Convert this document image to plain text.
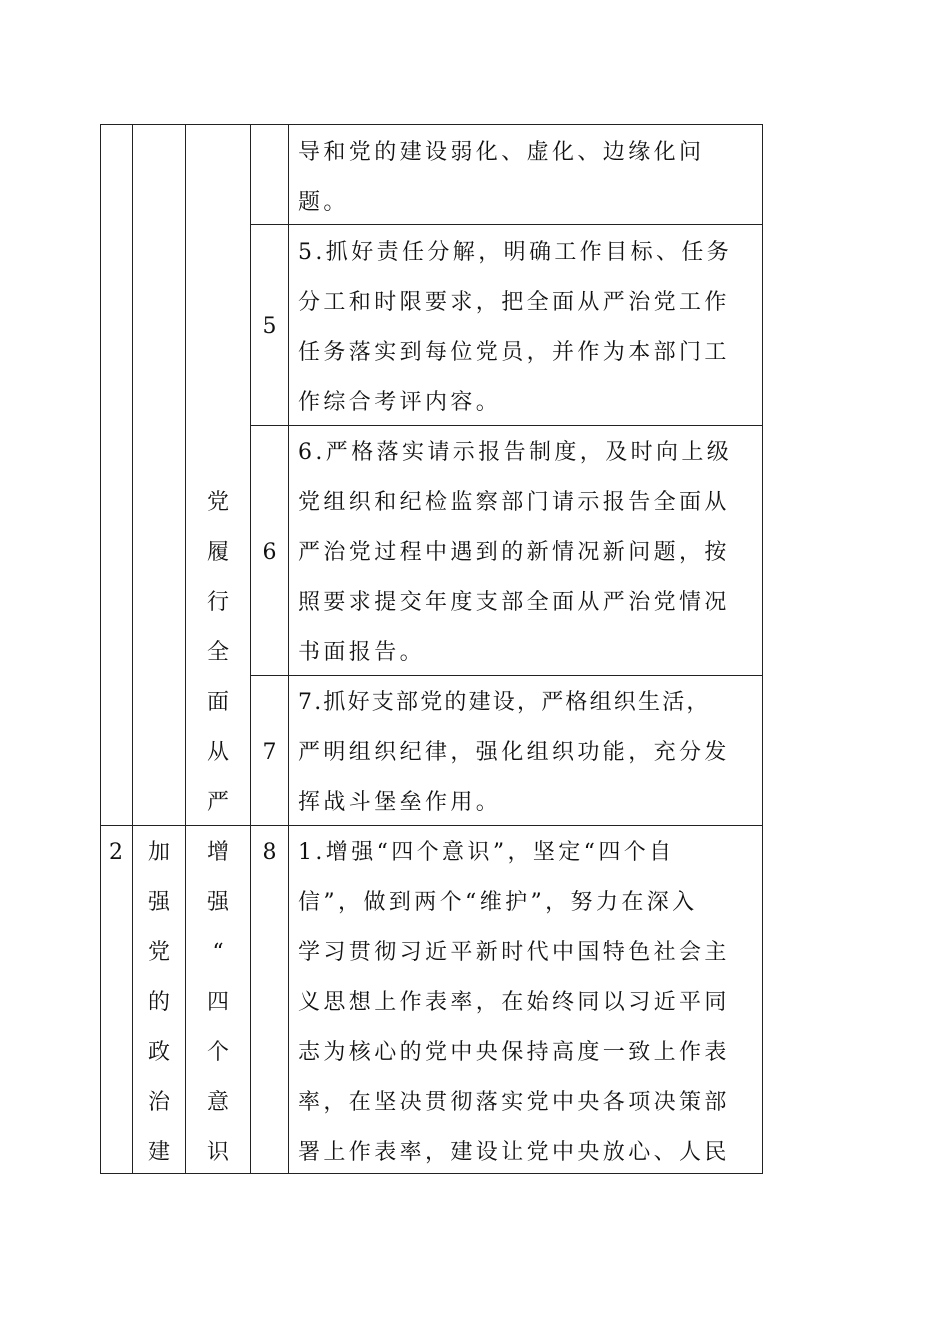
党
履
行
全
面
从
严
导和党的建设弱化、虚化、边缘化问
题。
5
5.抓好责任分解，明确工作目标、任务
分工和时限要求，把全面从严治党工作
任务落实到每位党员，并作为本部门工
作综合考评内容。
6
6.严格落实请示报告制度，及时向上级
党组织和纪检监察部门请示报告全面从
严治党过程中遇到的新情况新问题，按
照要求提交年度支部全面从严治党情况
书面报告。
7
7.抓好支部党的建设，严格组织生活，
严明组织纪律，强化组织功能，充分发
挥战斗堡垒作用。
2	加
强
党
的
政
治
建
增
强
“
四
个
意
识
8 1.增强“四个意识”，坚定“四个自
信”，做到两个“维护”，努力在深入
学习贯彻习近平新时代中国特色社会主
义思想上作表率，在始终同以习近平同
志为核心的党中央保持高度一致上作表
率，在坚决贯彻落实党中央各项决策部
署上作表率，建设让党中央放心、人民
